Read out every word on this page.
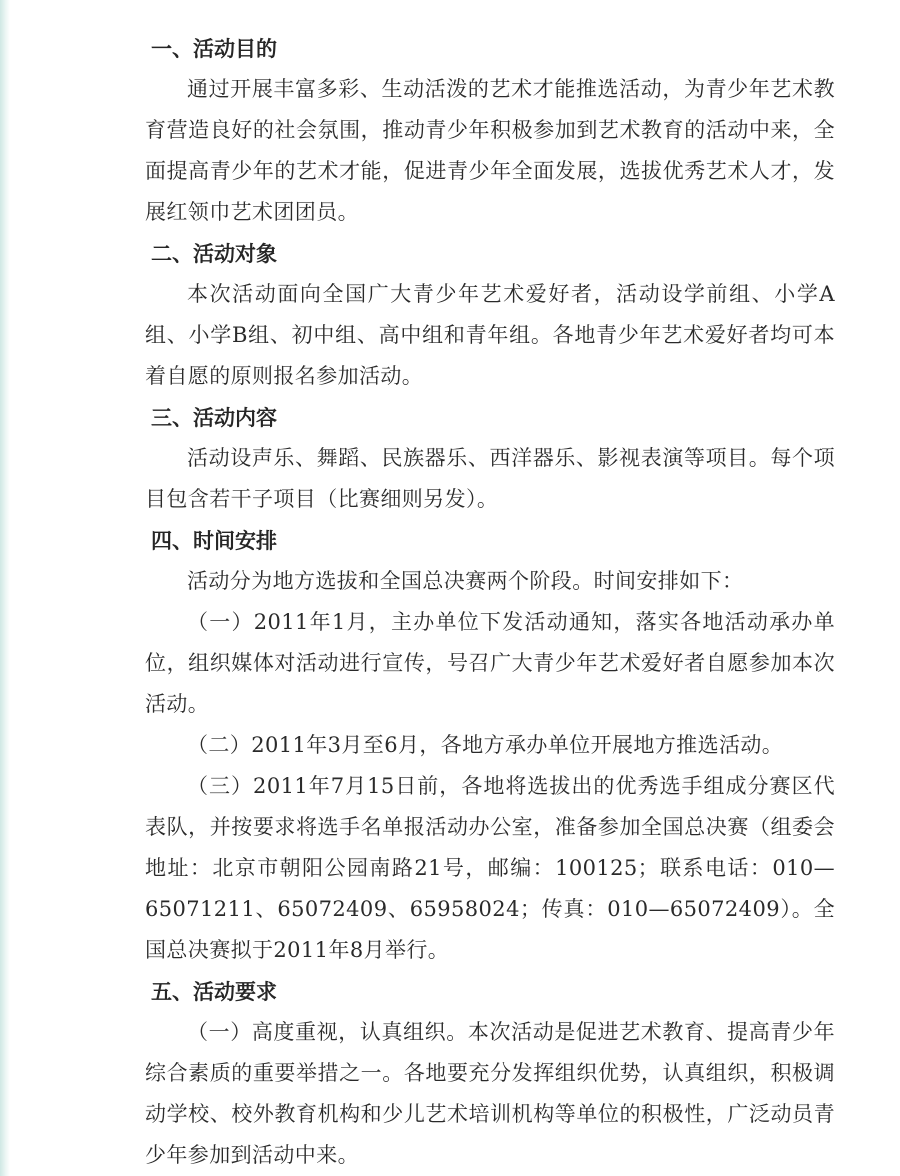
一、活动目的

通过开展丰富多彩、生动活泼的艺术才能推选活动，为青少年艺术教育营造良好的社会氛围，推动青少年积极参加到艺术教育的活动中来，全面提高青少年的艺术才能，促进青少年全面发展，选拔优秀艺术人才，发展红领巾艺术团团员。

二、活动对象

本次活动面向全国广大青少年艺术爱好者，活动设学前组、小学A组、小学B组、初中组、高中组和青年组。各地青少年艺术爱好者均可本着自愿的原则报名参加活动。

三、活动内容

活动设声乐、舞蹈、民族器乐、西洋器乐、影视表演等项目。每个项目包含若干子项目（比赛细则另发）。

四、时间安排

活动分为地方选拔和全国总决赛两个阶段。时间安排如下：

（一）2011年1月，主办单位下发活动通知，落实各地活动承办单位，组织媒体对活动进行宣传，号召广大青少年艺术爱好者自愿参加本次活动。

（二）2011年3月至6月，各地方承办单位开展地方推选活动。

（三）2011年7月15日前，各地将选拔出的优秀选手组成分赛区代表队，并按要求将选手名单报活动办公室，准备参加全国总决赛（组委会地址：北京市朝阳公园南路21号，邮编：100125；联系电话：010—65071211、65072409、65958024；传真：010—65072409）。全国总决赛拟于2011年8月举行。

五、活动要求

（一）高度重视，认真组织。本次活动是促进艺术教育、提高青少年综合素质的重要举措之一。各地要充分发挥组织优势，认真组织，积极调动学校、校外教育机构和少儿艺术培训机构等单位的积极性，广泛动员青少年参加到活动中来。
